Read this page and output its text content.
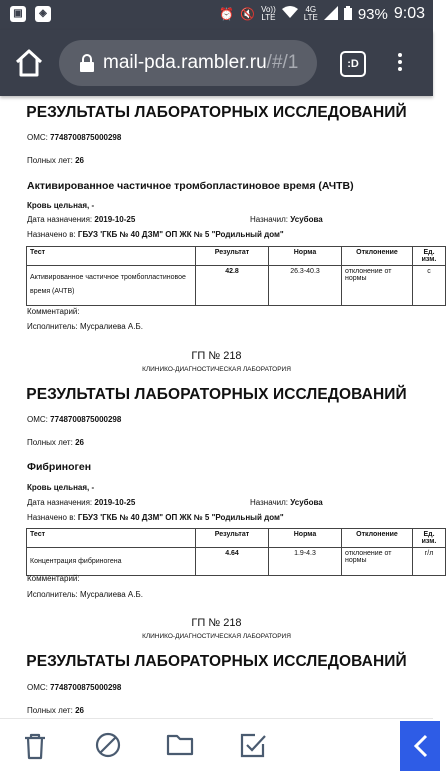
▣	◈	⏰ 🔇 Vo))
LTE
4G
LTE	93% 9:03
mail-pda.rambler.ru/#/1	:D
РЕЗУЛЬТАТЫ ЛАБОРАТОРНЫХ ИССЛЕДОВАНИЙ
ОМС: 7748700875000298
Полных лет: 26
Активированное частичное тромбопластиновое время (АЧТВ)
Кровь цельная, -
Дата назначения: 2019-10-25	Назначил: Усубова
Назначено в: ГБУЗ 'ГКБ № 40 ДЗМ" ОП ЖК № 5 "Родильный дом"
Тест	Результат	Норма	Отклонение	Ед. изм.
Активированное частичное тромбопластиновое время (АЧТВ)	42.8	26.3-40.3	отклонение от нормы	с
Комментарий:
Исполнитель: Мусралиева А.Б.
ГП № 218
КЛИНИКО-ДИАГНОСТИЧЕСКАЯ ЛАБОРАТОРИЯ
РЕЗУЛЬТАТЫ ЛАБОРАТОРНЫХ ИССЛЕДОВАНИЙ
ОМС: 7748700875000298
Полных лет: 26
Фибриноген
Кровь цельная, -
Дата назначения: 2019-10-25	Назначил: Усубова
Назначено в: ГБУЗ 'ГКБ № 40 ДЗМ" ОП ЖК № 5 "Родильный дом"
Тест	Результат	Норма	Отклонение	Ед. изм.
Концентрация фибриногена	4.64	1.9-4.3	отклонение от нормы	г/л
Комментарий:
Исполнитель: Мусралиева А.Б.
ГП № 218
КЛИНИКО-ДИАГНОСТИЧЕСКАЯ ЛАБОРАТОРИЯ
РЕЗУЛЬТАТЫ ЛАБОРАТОРНЫХ ИССЛЕДОВАНИЙ
ОМС: 7748700875000298
Полных лет: 26
